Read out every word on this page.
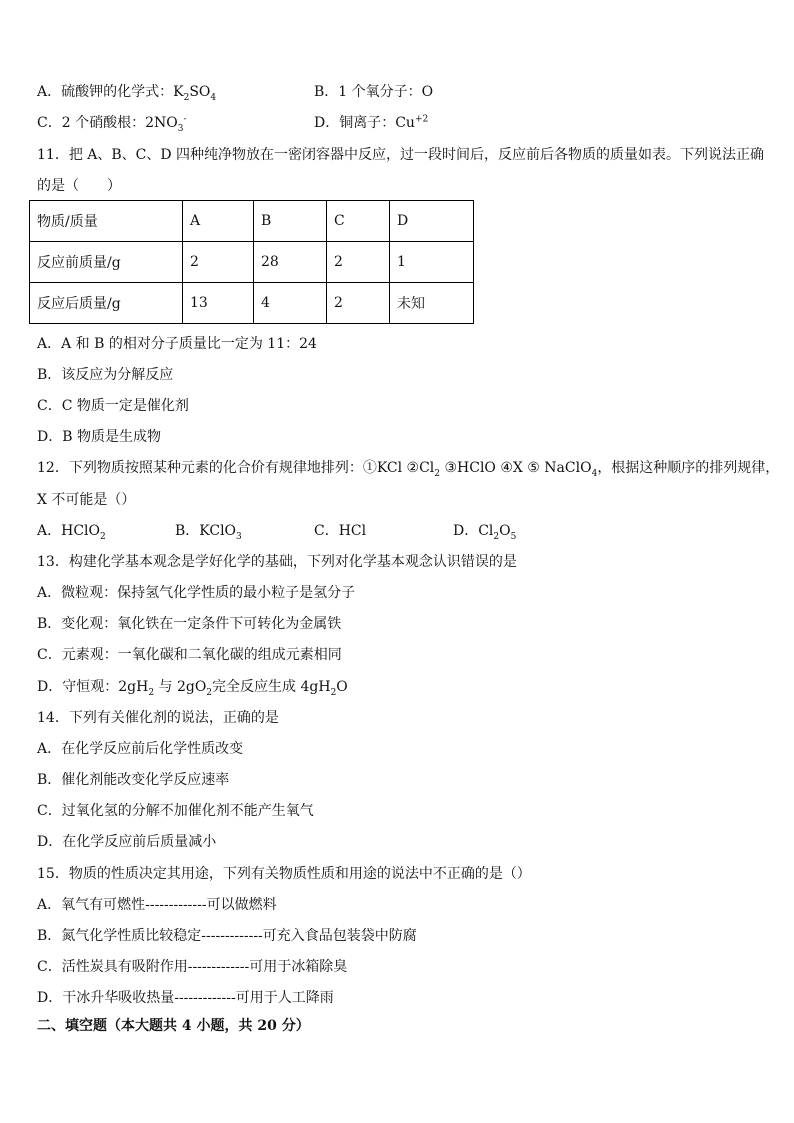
A．硫酸钾的化学式：$K_2SO_4$	B．1 个氧分子：O
C．2 个硝酸根：$2NO_3^-$	D．铜离子：$Cu^{+2}$
11．把 A、B、C、D 四种纯净物放在一密闭容器中反应，过一段时间后，反应前后各物质的质量如表。下列说法正确
的是（　　）
物质/质量	A	B	C	D
反应前质量/g	2	28	2	1
反应后质量/g	13	4	2	未知
A．A 和 B 的相对分子质量比一定为 11：24
B．该反应为分解反应
C．C 物质一定是催化剂
D．B 物质是生成物
12．下列物质按照某种元素的化合价有规律地排列：①KCl $②Cl_2$ ③HClO ④X ⑤ NaClO$_4$，根据这种顺序的排列规律，
X 不可能是（）
A．HClO$_2$	B．KClO$_3$	C．HCl	D．$Cl_2O_5$
13．构建化学基本观念是学好化学的基础，下列对化学基本观念认识错误的是
A．微粒观：保持氢气化学性质的最小粒子是氢分子
B．变化观：氧化铁在一定条件下可转化为金属铁
C．元素观：一氧化碳和二氧化碳的组成元素相同
D．守恒观：$2gH_2$ 与 $2gO_2$完全反应生成 $4gH_2O$
14．下列有关催化剂的说法，正确的是
A．在化学反应前后化学性质改变
B．催化剂能改变化学反应速率
C．过氧化氢的分解不加催化剂不能产生氧气
D．在化学反应前后质量减小
15．物质的性质决定其用途，下列有关物质性质和用途的说法中不正确的是（）
A．氧气有可燃性-------------可以做燃料
B．氮气化学性质比较稳定-------------可充入食品包装袋中防腐
C．活性炭具有吸附作用-------------可用于冰箱除臭
D．干冰升华吸收热量-------------可用于人工降雨
二、填空题（本大题共 4 小题，共 20 分）
